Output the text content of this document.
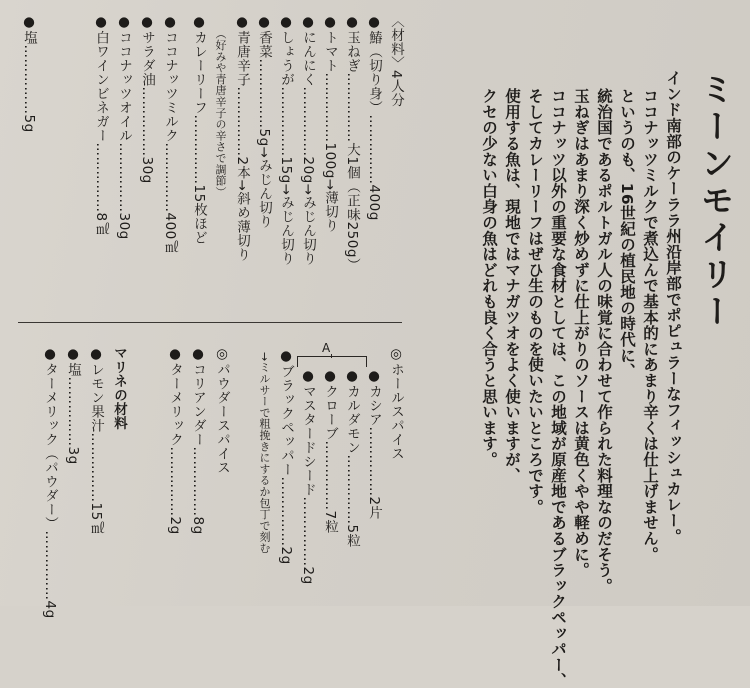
ミーンモイリー
インド南部のケーララ州沿岸部でポピュラーなフィッシュカレー。
ココナッツミルクで煮込んで基本的にあまり辛くは仕上げません。
というのも、16世紀の植民地の時代に、
統治国であるポルトガル人の味覚に合わせて作られた料理なのだそう。
玉ねぎはあまり深く炒めずに仕上がりのソースは黄色くやや軽めに。
ココナッツ以外の重要な食材としては、この地域が原産地であるブラックペッパー、
そしてカレーリーフはぜひ生のものを使いたいところです。
使用する魚は、現地ではマナガツオをよく使いますが、
クセの少ない白身の魚はどれも良く合うと思います。
〈材料〉4人分
●鰆（切り身）……………400g
●玉ねぎ……………大1個（正味250g）
●トマト……………100g→薄切り
●にんにく……………20g→みじん切り
●しょうが……………15g→みじん切り
●香菜……………5g→みじん切り
●青唐辛子……………2本→斜め薄切り
（好みや青唐辛子の辛さで調節）
●カレーリーフ……………15枚ほど
●ココナッツミルク……………400㎖
●サラダ油……………30g
●ココナッツオイル……………30g
●白ワインビネガー……………8㎖
●塩……………5g
A	◎ホールスパイス
●カシア……………2片
●カルダモン……………5粒
●クローブ……………7粒
●マスタードシード……………2g
●ブラックペッパー……………2g
→ミルサーで粗挽きにするか包丁で刻む
◎パウダースパイス
●コリアンダー……………8g
●ターメリック……………2g
マリネの材料
●レモン果汁……………15㎖
●塩……………3g
●ターメリック（パウダー）……………4g
